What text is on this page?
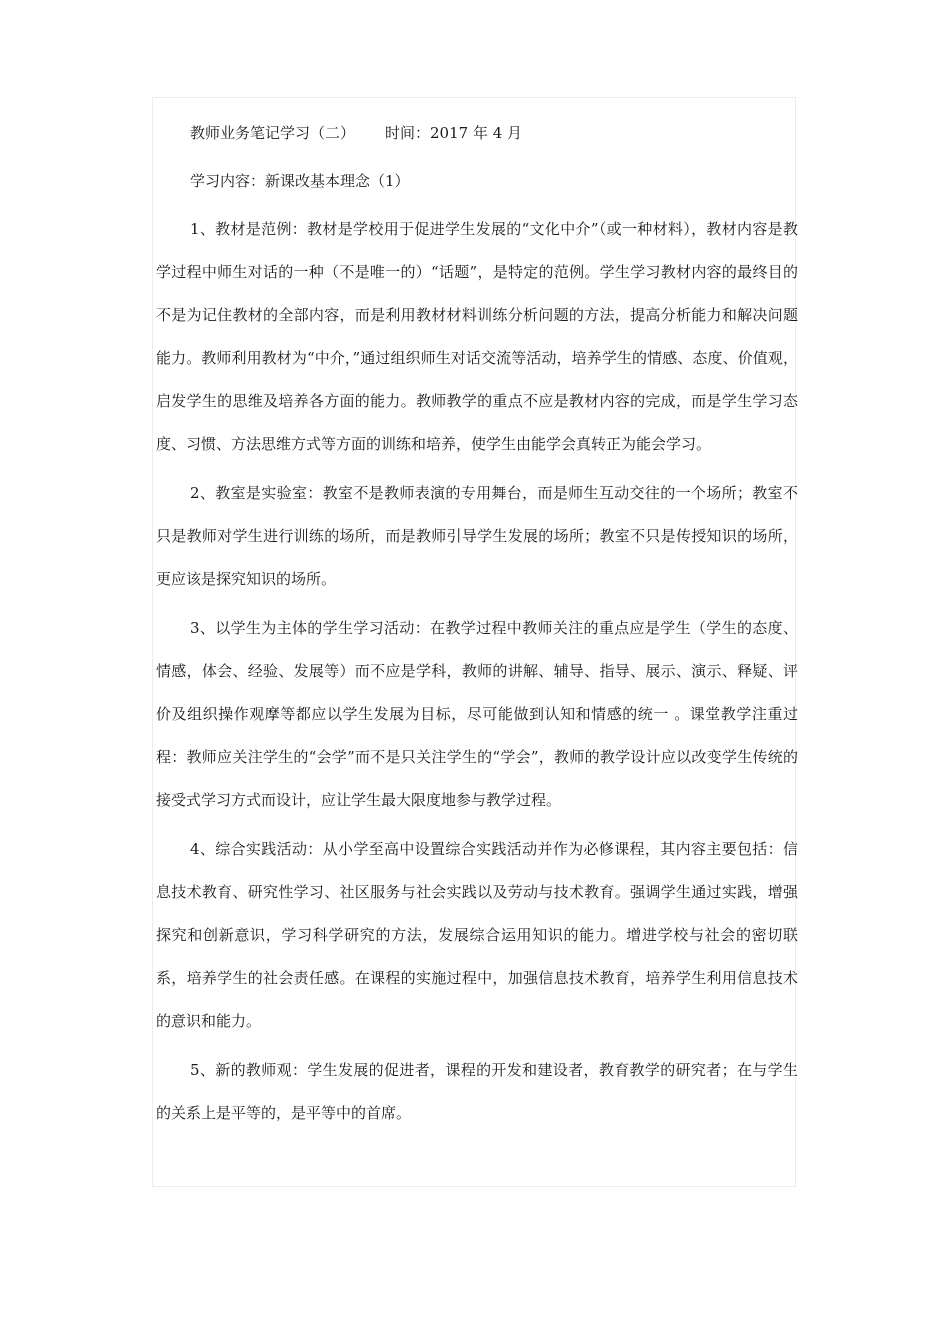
教师业务笔记学习（二） 时间：2017 年 4 月
学习内容：新课改基本理念（1）

1、教材是范例：教材是学校用于促进学生发展的“文化中介”（或一种材料），教材内容是教学过程中师生对话的一种（不是唯一的）“话题”，是特定的范例。学生学习教材内容的最终目的不是为记住教材的全部内容，而是利用教材材料训练分析问题的方法，提高分析能力和解决问题能力。教师利用教材为“中介，”通过组织师生对话交流等活动，培养学生的情感、态度、价值观，启发学生的思维及培养各方面的能力。教师教学的重点不应是教材内容的完成，而是学生学习态度、习惯、方法思维方式等方面的训练和培养，使学生由能学会真转正为能会学习。

2、教室是实验室：教室不是教师表演的专用舞台，而是师生互动交往的一个场所；教室不只是教师对学生进行训练的场所，而是教师引导学生发展的场所；教室不只是传授知识的场所，更应该是探究知识的场所。

3、以学生为主体的学生学习活动：在教学过程中教师关注的重点应是学生（学生的态度、情感，体会、经验、发展等）而不应是学科，教师的讲解、辅导、指导、展示、演示、释疑、评价及组织操作观摩等都应以学生发展为目标，尽可能做到认知和情感的统一 。课堂教学注重过程：教师应关注学生的“会学”而不是只关注学生的“学会”，教师的教学设计应以改变学生传统的接受式学习方式而设计，应让学生最大限度地参与教学过程。

4、综合实践活动：从小学至高中设置综合实践活动并作为必修课程，其内容主要包括：信息技术教育、研究性学习、社区服务与社会实践以及劳动与技术教育。强调学生通过实践，增强探究和创新意识，学习科学研究的方法，发展综合运用知识的能力。增进学校与社会的密切联系，培养学生的社会责任感。在课程的实施过程中，加强信息技术教育，培养学生利用信息技术的意识和能力。

5、新的教师观：学生发展的促进者，课程的开发和建设者，教育教学的研究者；在与学生的关系上是平等的，是平等中的首席。
